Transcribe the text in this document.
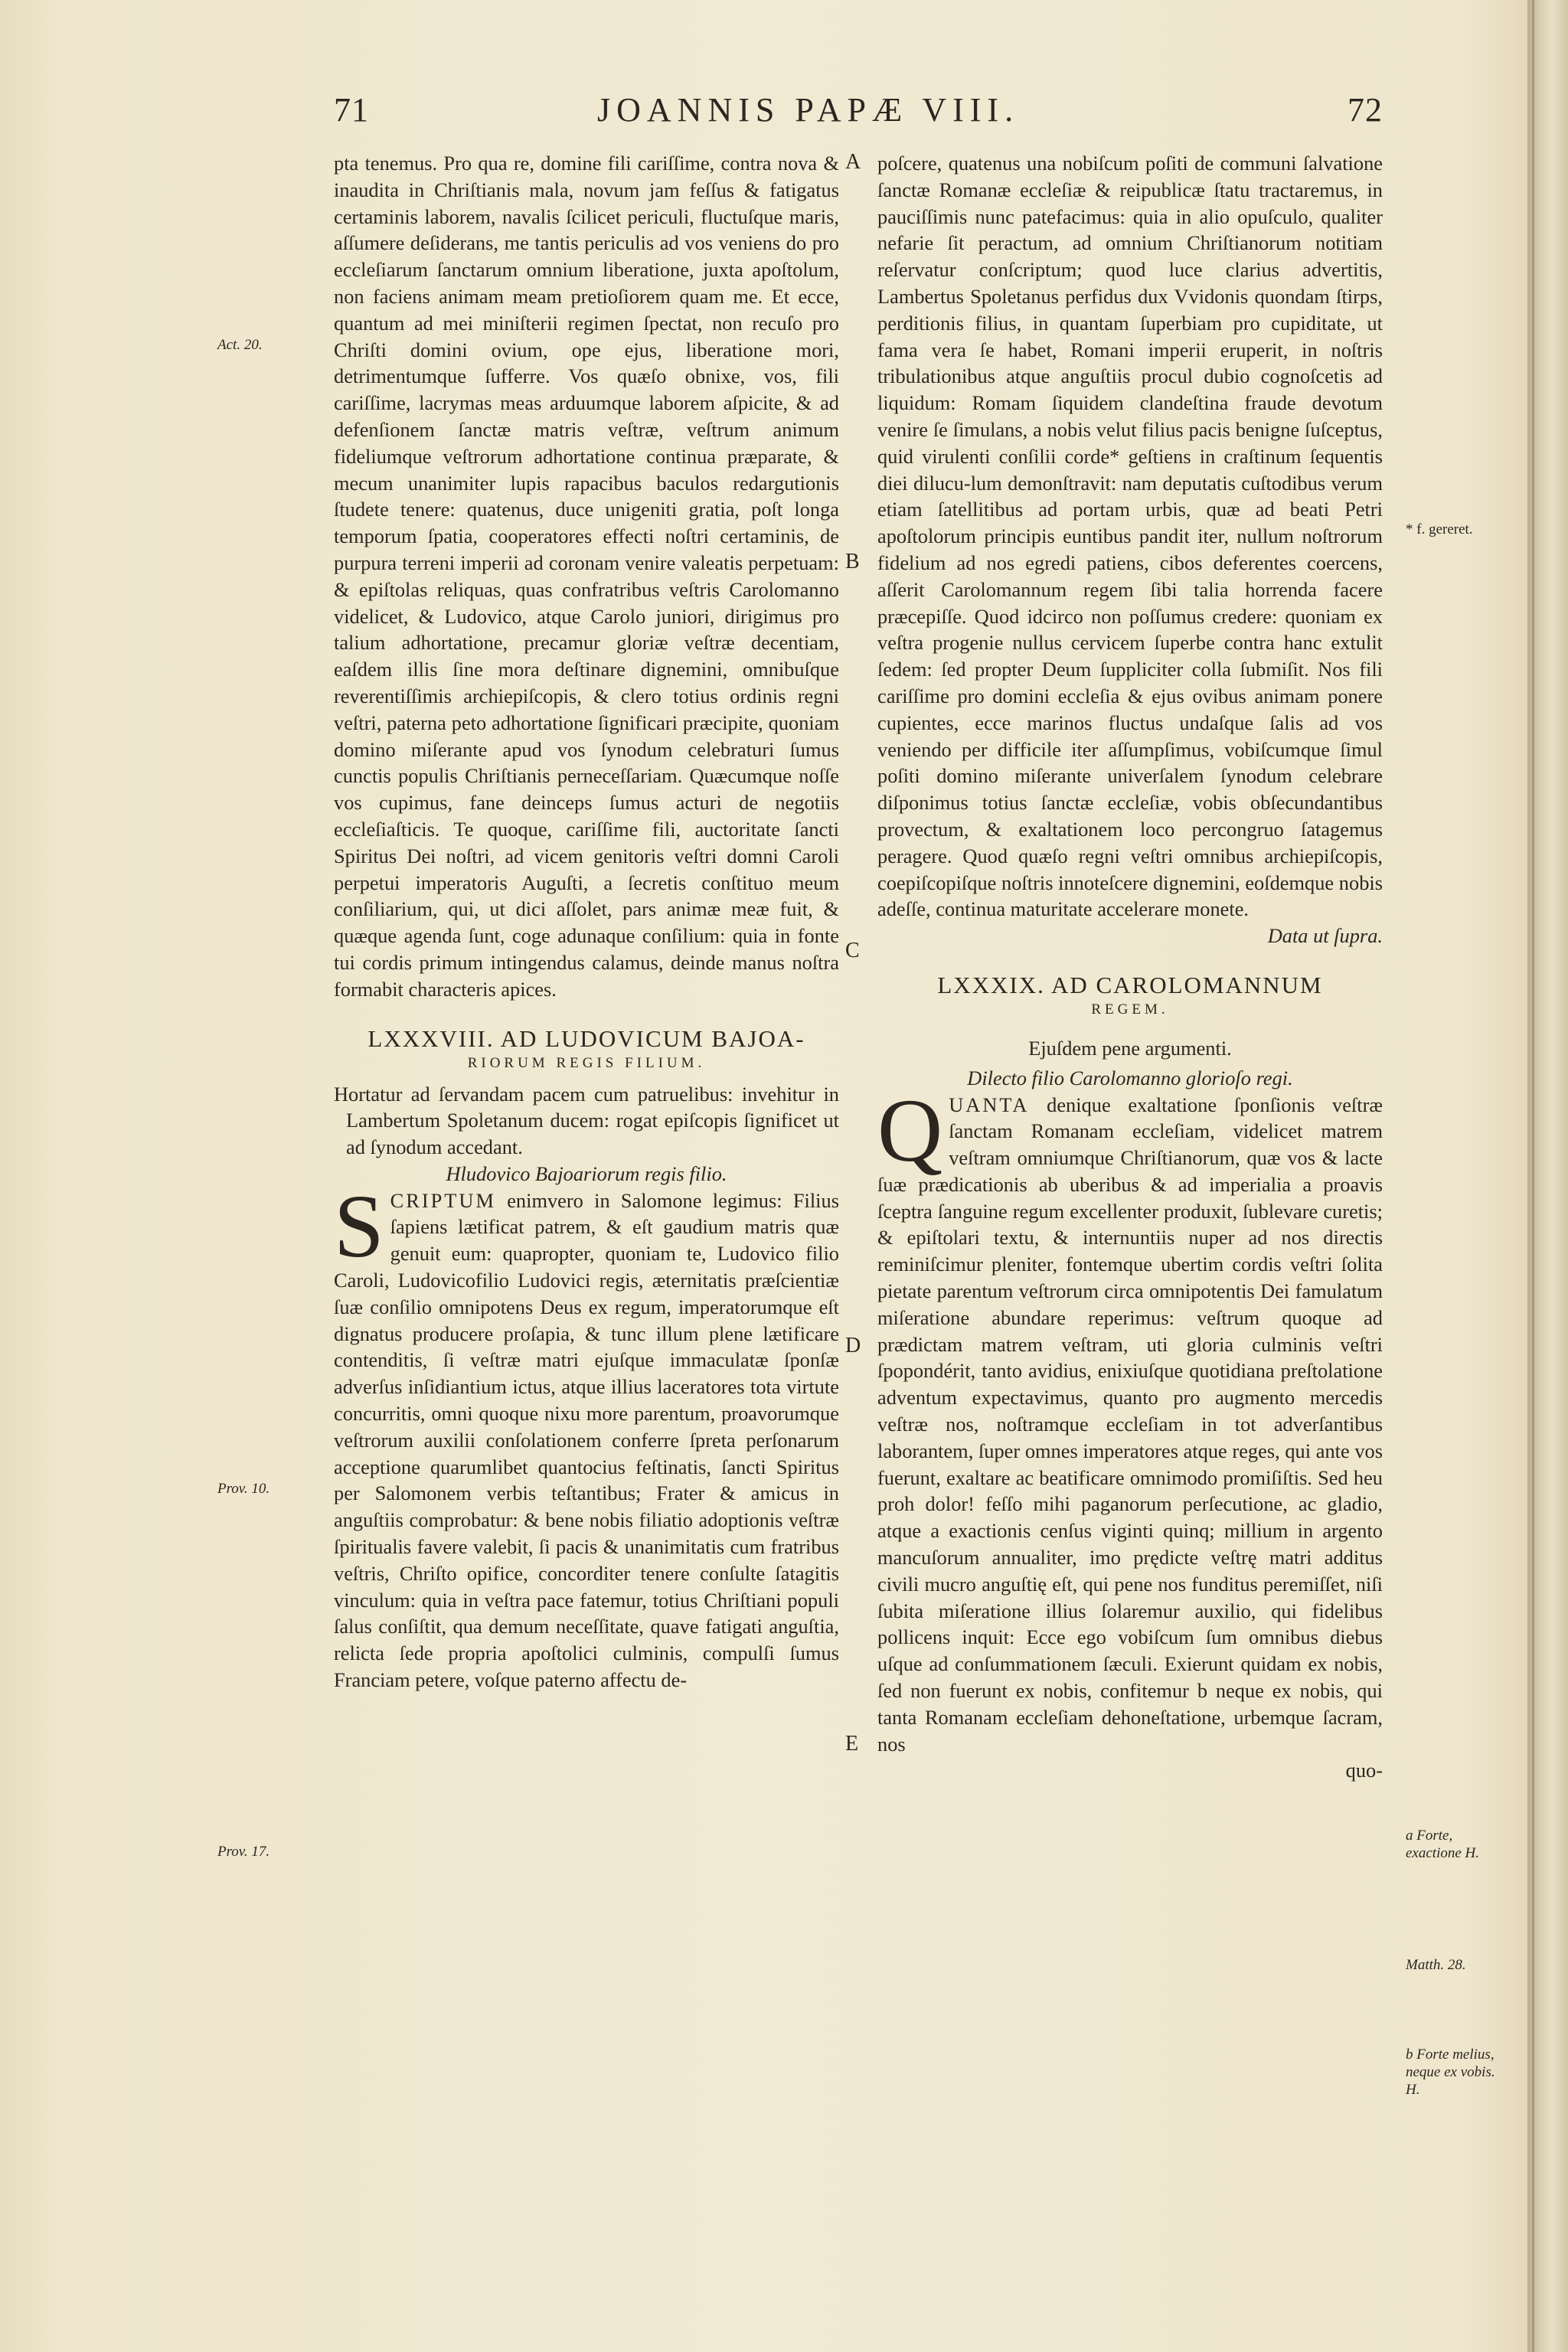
71	JOANNIS PAPÆ VIII.	72

pta tenemus. Pro qua re, domine fili cariſſime, contra nova & inaudita in Chriſtianis mala, novum jam feſſus & fatigatus certaminis laborem, navalis ſcilicet periculi, fluctuſque maris, aſſumere deſiderans, me tantis periculis ad vos veniens do pro eccleſiarum ſanctarum omnium liberatione, juxta apoſtolum, non faciens animam meam pretioſiorem quam me. Et ecce, quantum ad mei miniſterii regimen ſpectat, non recuſo pro Chriſti domini ovium, ope ejus, liberatione mori, detrimentumque ſufferre. Vos quæſo obnixe, vos, fili cariſſime, lacrymas meas arduumque laborem aſpicite, & ad defenſionem ſanctæ matris veſtræ, veſtrum animum fideliumque veſtrorum adhortatione continua præparate, & mecum unanimiter lupis rapacibus baculos redargutionis ſtudete tenere: quatenus, duce unigeniti gratia, poſt longa temporum ſpatia, cooperatores effecti noſtri certaminis, de purpura terreni imperii ad coronam venire valeatis perpetuam: & epiſtolas reliquas, quas confratribus veſtris Carolomanno videlicet, & Ludovico, atque Carolo juniori, dirigimus pro talium adhortatione, precamur gloriæ veſtræ decentiam, eaſdem illis ſine mora deſtinare dignemini, omnibuſque reverentiſſimis archiepiſcopis, & clero totius ordinis regni veſtri, paterna peto adhortatione ſignificari præcipite, quoniam domino miſerante apud vos ſynodum celebraturi ſumus cunctis populis Chriſtianis perneceſſariam. Quæcumque noſſe vos cupimus, fane deinceps ſumus acturi de negotiis eccleſiaſticis. Te quoque, cariſſime fili, auctoritate ſancti Spiritus Dei noſtri, ad vicem genitoris veſtri domni Caroli perpetui imperatoris Auguſti, a ſecretis conſtituo meum conſiliarium, qui, ut dici aſſolet, pars animæ meæ fuit, & quæque agenda ſunt, coge adunaque conſilium: quia in fonte tui cordis primum intingendus calamus, deinde manus noſtra formabit characteris apices.

LXXXVIII. AD LUDOVICUM BAJOA-
RIORUM REGIS FILIUM.

Hortatur ad ſervandam pacem cum patruelibus: invehitur in Lambertum Spoletanum ducem: rogat epiſcopis ſignificet ut ad ſynodum accedant.

Hludovico Bajoariorum regis filio.

S CRIPTUM enimvero in Salomone legimus: Filius ſapiens lætificat patrem, & eſt gaudium matris quæ genuit eum: quapropter, quoniam te, Ludovico filio Caroli, Ludovicofilio Ludovici regis, æternitatis præſcientiæ ſuæ conſilio omnipotens Deus ex regum, imperatorumque eſt dignatus producere proſapia, & tunc illum plene lætificare contenditis, ſi veſtræ matri ejuſque immaculatæ ſponſæ adverſus inſidiantium ictus, atque illius laceratores tota virtute concurritis, omni quoque nixu more parentum, proavorumque veſtrorum auxilii conſolationem conferre ſpreta perſonarum acceptione quarumlibet quantocius feſtinatis, ſancti Spiritus per Salomonem verbis teſtantibus; Frater & amicus in anguſtiis comprobatur: & bene nobis filiatio adoptionis veſtræ ſpiritualis favere valebit, ſi pacis & unanimitatis cum fratribus veſtris, Chriſto opifice, concorditer tenere conſulte ſatagitis vinculum: quia in veſtra pace fatemur, totius Chriſtiani populi ſalus conſiſtit, qua demum neceſſitate, quave fatigati anguſtia, relicta ſede propria apoſtolici culminis, compulſi ſumus Franciam petere, voſque paterno affectu de-

poſcere, quatenus una nobiſcum poſiti de communi ſalvatione ſanctæ Romanæ eccleſiæ & reipublicæ ſtatu tractaremus, in pauciſſimis nunc patefacimus: quia in alio opuſculo, qualiter nefarie ſit peractum, ad omnium Chriſtianorum notitiam reſervatur conſcriptum; quod luce clarius advertitis, Lambertus Spoletanus perfidus dux Vvidonis quondam ſtirps, perditionis filius, in quantam ſuperbiam pro cupiditate, ut fama vera ſe habet, Romani imperii eruperit, in noſtris tribulationibus atque anguſtiis procul dubio cognoſcetis ad liquidum: Romam ſiquidem clandeſtina fraude devotum venire ſe ſimulans, a nobis velut filius pacis benigne ſuſceptus, quid virulenti conſilii corde* geſtiens in craſtinum ſequentis diei dilucu-lum demonſtravit: nam deputatis cuſtodibus verum etiam ſatellitibus ad portam urbis, quæ ad beati Petri apoſtolorum principis euntibus pandit iter, nullum noſtrorum fidelium ad nos egredi patiens, cibos deferentes coercens, aſſerit Carolomannum regem ſibi talia horrenda facere præcepiſſe. Quod idcirco non poſſumus credere: quoniam ex veſtra progenie nullus cervicem ſuperbe contra hanc extulit ſedem: ſed propter Deum ſuppliciter colla ſubmiſit. Nos fili cariſſime pro domini eccleſia & ejus ovibus animam ponere cupientes, ecce marinos fluctus undaſque ſalis ad vos veniendo per difficile iter aſſumpſimus, vobiſcumque ſimul poſiti domino miſerante univerſalem ſynodum celebrare diſponimus totius ſanctæ eccleſiæ, vobis obſecundantibus provectum, & exaltationem loco percongruo ſatagemus peragere. Quod quæſo regni veſtri omnibus archiepiſcopis, coepiſcopiſque noſtris innoteſcere dignemini, eoſdemque nobis adeſſe, continua maturitate accelerare monete.

Data ut ſupra.

LXXXIX. AD CAROLOMANNUM
REGEM.

Ejuſdem pene argumenti.

Dilecto filio Carolomanno glorioſo regi.

Q UANTA denique exaltatione ſponſionis veſtræ ſanctam Romanam eccleſiam, videlicet matrem veſtram omniumque Chriſtianorum, quæ vos & lacte ſuæ prædicationis ab uberibus & ad imperialia a proavis ſceptra ſanguine regum excellenter produxit, ſublevare curetis; & epiſtolari textu, & internuntiis nuper ad nos directis reminiſcimur pleniter, fontemque ubertim cordis veſtri ſolita pietate parentum veſtrorum circa omnipotentis Dei famulatum miſeratione abundare reperimus: veſtrum quoque ad prædictam matrem veſtram, uti gloria culminis veſtri ſpopondérit, tanto avidius, enixiuſque quotidiana preſtolatione adventum expectavimus, quanto pro augmento mercedis veſtræ nos, noſtramque eccleſiam in tot adverſantibus laborantem, ſuper omnes imperatores atque reges, qui ante vos fuerunt, exaltare ac beatificare omnimodo promiſiſtis. Sed heu proh dolor! feſſo mihi paganorum perſecutione, ac gladio, atque a exactionis cenſus viginti quinq; millium in argento mancuſorum annualiter, imo prędicte veſtrę matri additus civili mucro anguſtię eſt, qui pene nos funditus peremiſſet, niſi ſubita miſeratione illius ſolaremur auxilio, qui fidelibus pollicens inquit: Ecce ego vobiſcum ſum omnibus diebus uſque ad conſummationem ſæculi. Exierunt quidam ex nobis, ſed non fuerunt ex nobis, confitemur b neque ex nobis, qui tanta Romanam eccleſiam dehoneſtatione, urbemque ſacram, nos

quo-

A
B
C
D
E
Act. 20.
Prov. 10.
Prov. 17.
* f. gereret.
a Forte, exactione H.
Matth. 28.
b Forte melius, neque ex vobis. H.
